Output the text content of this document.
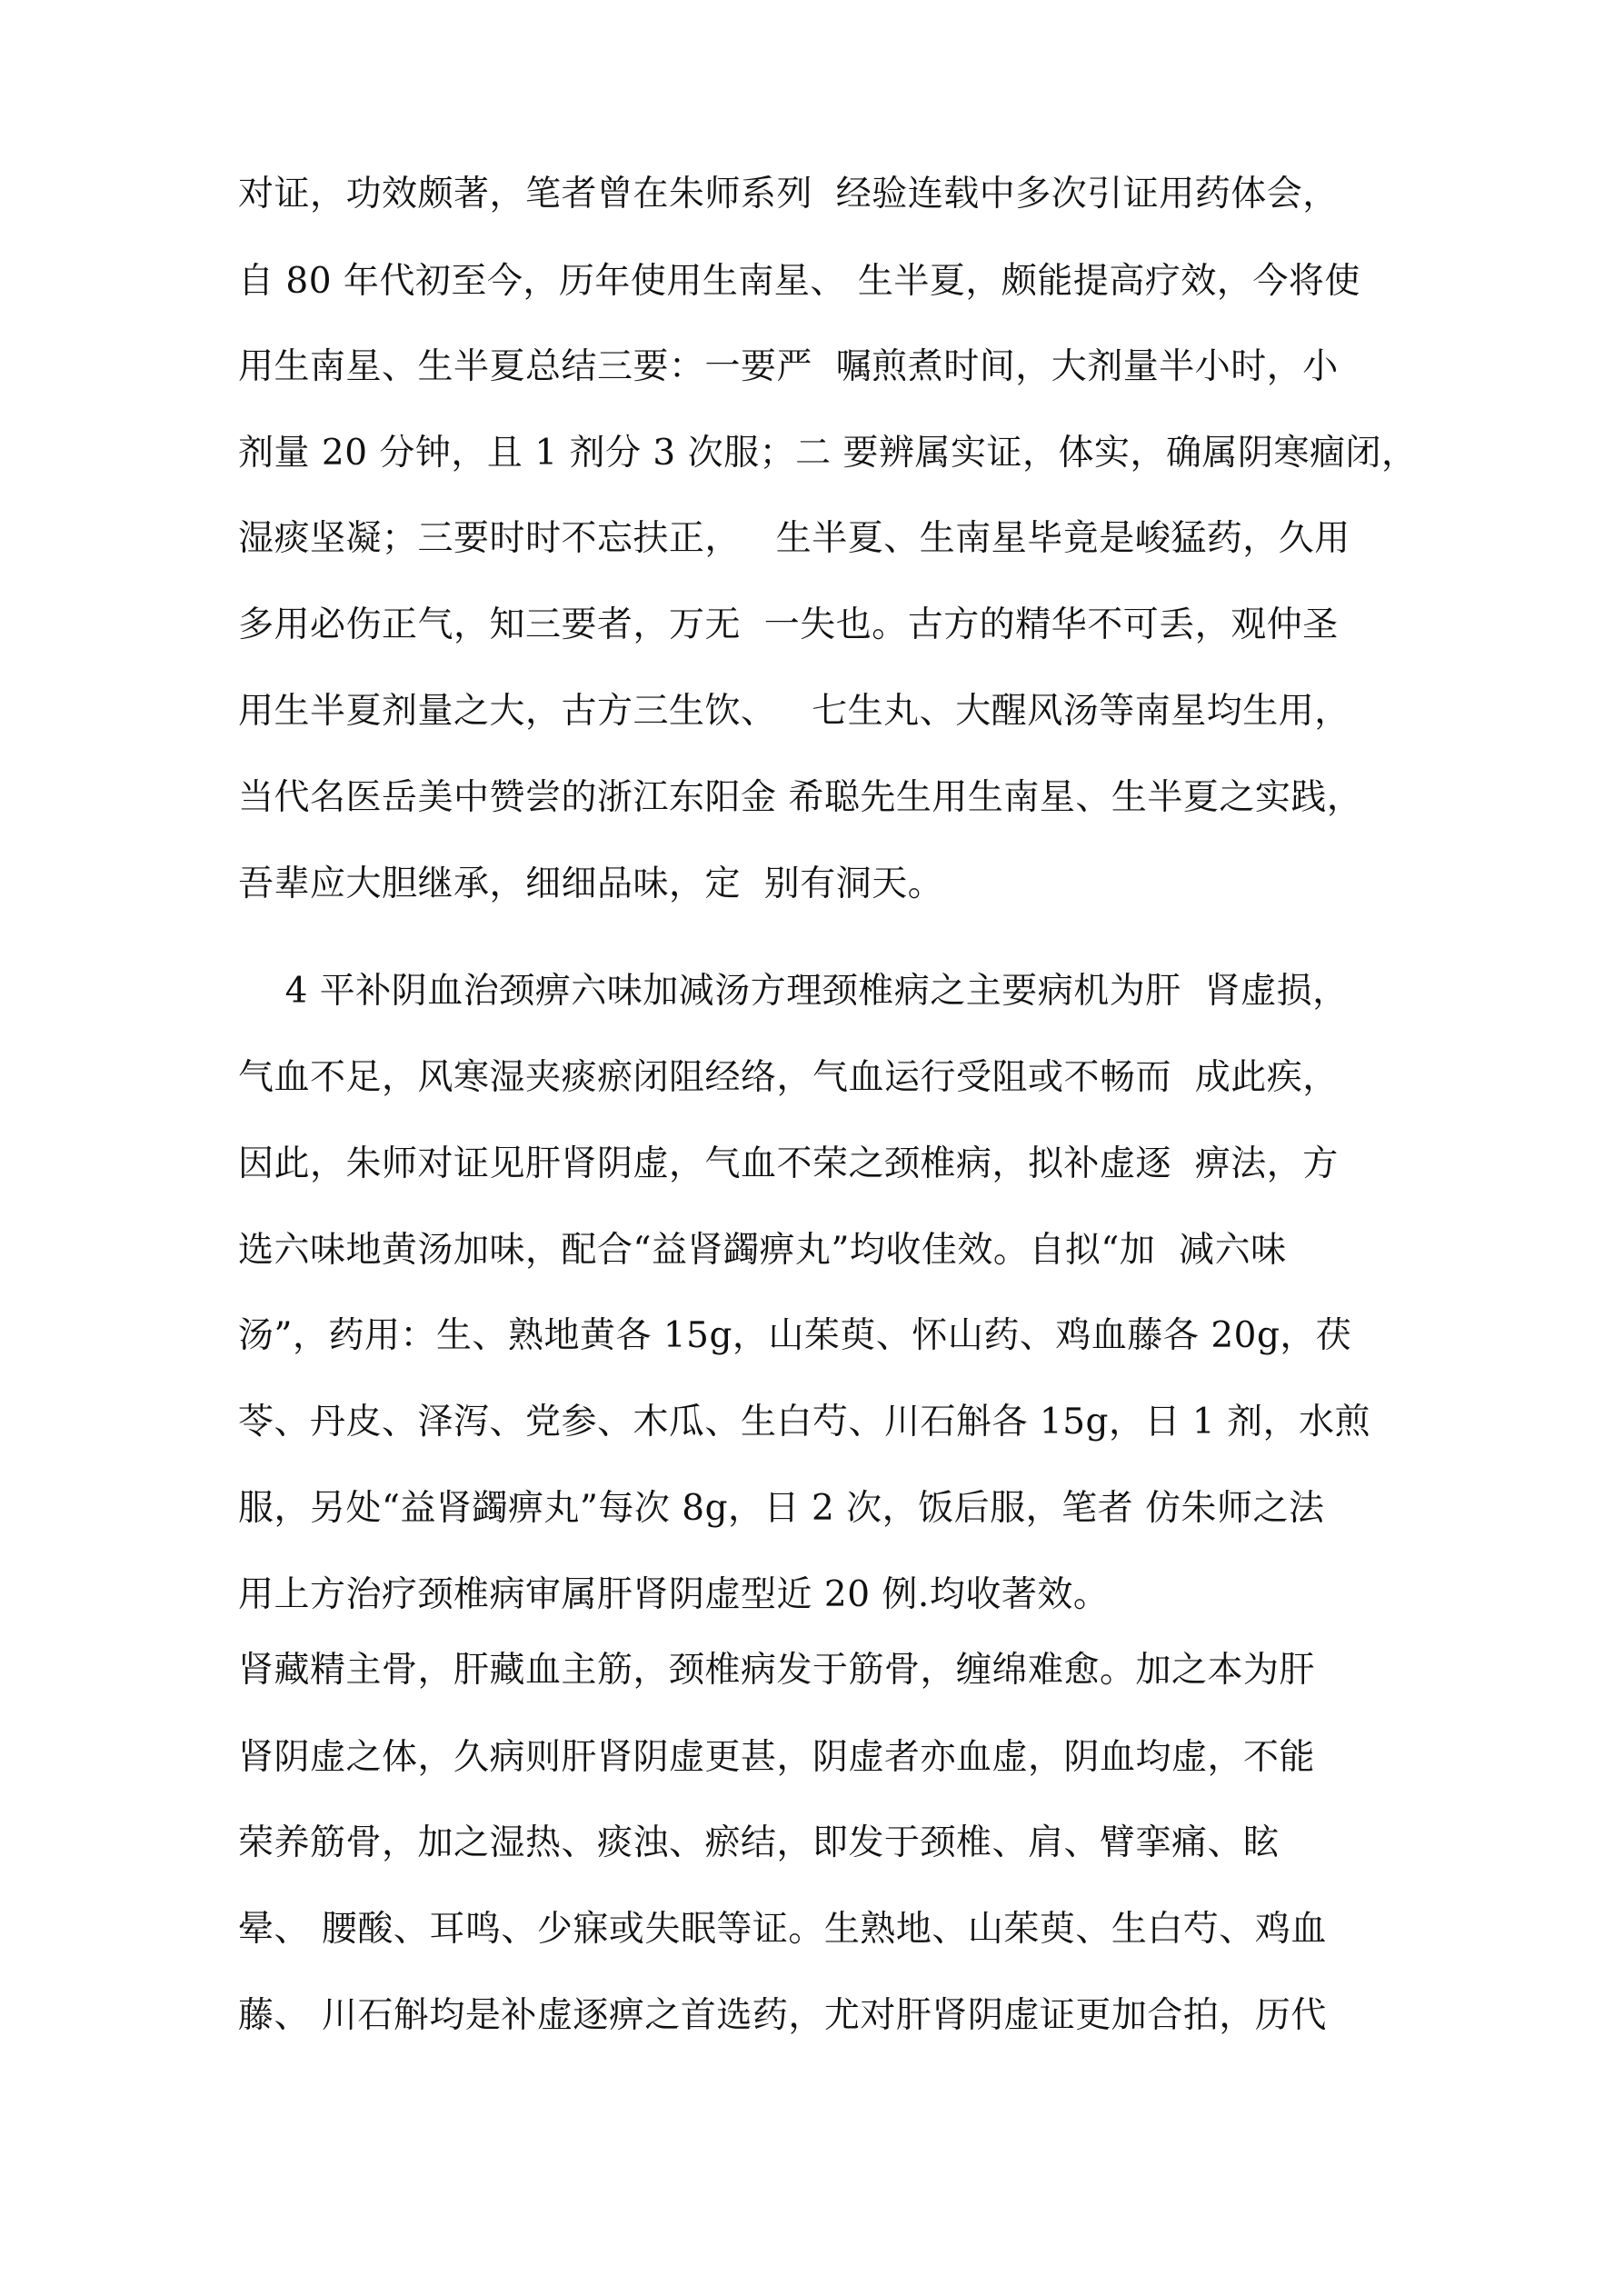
对证，功效颇著，笔者曾在朱师系列  经验连载中多次引证用药体会，
自 80 年代初至今，历年使用生南星、 生半夏，颇能提高疗效，今将使
用生南星、生半夏总结三要：一要严  嘱煎煮时间，大剂量半小时，小
剂量 20 分钟，且 1 剂分 3 次服；二 要辨属实证，体实，确属阴寒痼闭，
湿痰坚凝；三要时时不忘扶正，   生半夏、生南星毕竟是峻猛药，久用
多用必伤正气，知三要者，万无  一失也。古方的精华不可丢，观仲圣
用生半夏剂量之大，古方三生饮、   七生丸、大醒风汤等南星均生用，
当代名医岳美中赞尝的浙江东阳金 希聪先生用生南星、生半夏之实践，
吾辈应大胆继承，细细品味，定  别有洞天。
4 平补阴血治颈痹六味加减汤方理颈椎病之主要病机为肝  肾虚损，
气血不足，风寒湿夹痰瘀闭阻经络，气血运行受阻或不畅而  成此疾，
因此，朱师对证见肝肾阴虚，气血不荣之颈椎病，拟补虚逐  痹法，方
选六味地黄汤加味，配合“益肾蠲痹丸”均收佳效。自拟“加  减六味
汤”，药用：生、熟地黄各 15g，山茱萸、怀山药、鸡血藤各 20g，茯
苓、丹皮、泽泻、党参、木瓜、生白芍、川石斛各 15g，日 1 剂，水煎
服，另处“益肾蠲痹丸”每次 8g，日 2 次，饭后服，笔者 仿朱师之法
用上方治疗颈椎病审属肝肾阴虚型近 20 例.均收著效。
肾藏精主骨，肝藏血主筋，颈椎病发于筋骨，缠绵难愈。加之本为肝
肾阴虚之体，久病则肝肾阴虚更甚，阴虚者亦血虚，阴血均虚，不能
荣养筋骨，加之湿热、痰浊、瘀结，即发于颈椎、肩、臂挛痛、眩
晕、 腰酸、耳鸣、少寐或失眠等证。生熟地、山茱萸、生白芍、鸡血
藤、 川石斛均是补虚逐痹之首选药，尤对肝肾阴虚证更加合拍，历代
